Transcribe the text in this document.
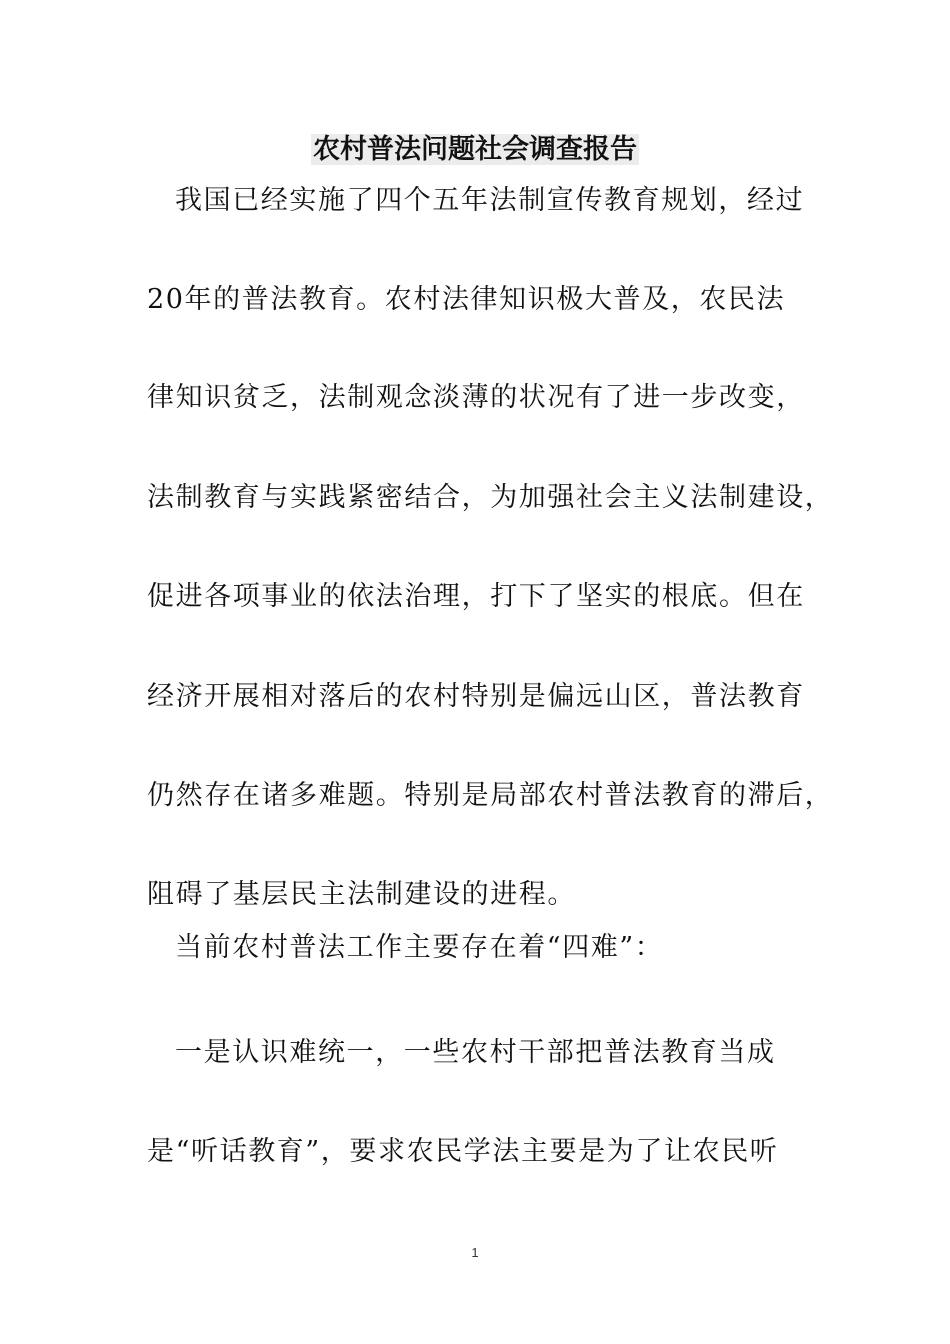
农村普法问题社会调查报告
我国已经实施了四个五年法制宣传教育规划，经过
20年的普法教育。农村法律知识极大普及，农民法
律知识贫乏，法制观念淡薄的状况有了进一步改变，
法制教育与实践紧密结合，为加强社会主义法制建设，
促进各项事业的依法治理，打下了坚实的根底。但在
经济开展相对落后的农村特别是偏远山区，普法教育
仍然存在诸多难题。特别是局部农村普法教育的滞后，
阻碍了基层民主法制建设的进程。
当前农村普法工作主要存在着“四难”：
一是认识难统一，一些农村干部把普法教育当成
是“听话教育”，要求农民学法主要是为了让农民听
1
